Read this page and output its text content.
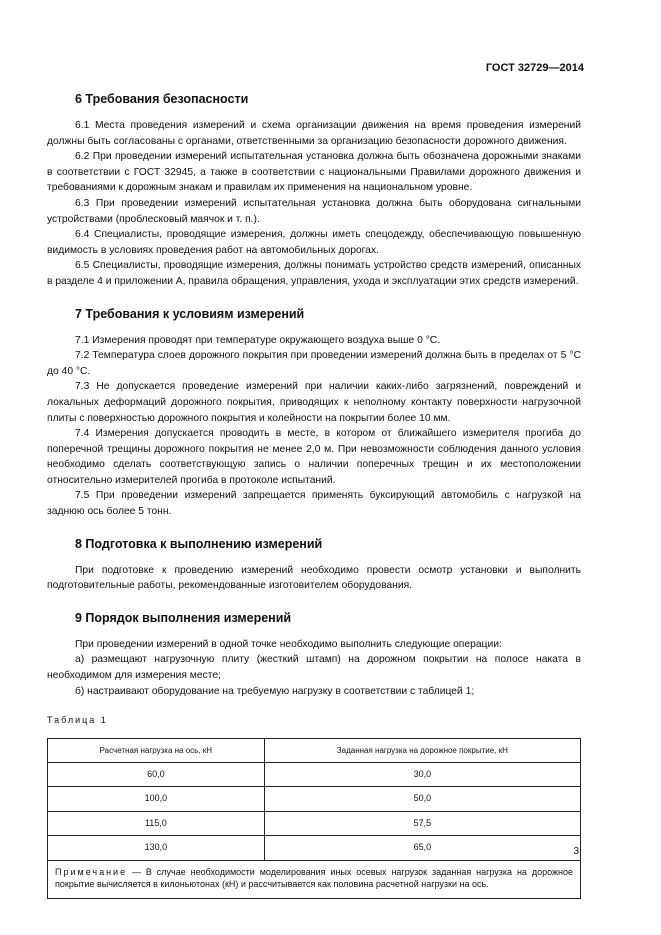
ГОСТ 32729—2014
6 Требования безопасности

6.1 Места проведения измерений и схема организации движения на время проведения измерений должны быть согласованы с органами, ответственными за организацию безопасности дорожного движения.

6.2 При проведении измерений испытательная установка должна быть обозначена дорожными знаками в соответствии с ГОСТ 32945, а также в соответствии с национальными Правилами дорожного движения и требованиями к дорожным знакам и правилам их применения на национальном уровне.

6.3 При проведении измерений испытательная установка должна быть оборудована сигнальными устройствами (проблесковый маячок и т. п.).

6.4 Специалисты, проводящие измерения, должны иметь спецодежду, обеспечивающую повышенную видимость в условиях проведения работ на автомобильных дорогах.

6.5 Специалисты, проводящие измерения, должны понимать устройство средств измерений, описанных в разделе 4 и приложении А, правила обращения, управления, ухода и эксплуатации этих средств измерений.

7 Требования к условиям измерений

7.1 Измерения проводят при температуре окружающего воздуха выше 0 °С.

7.2 Температура слоев дорожного покрытия при проведении измерений должна быть в пределах от 5 °С до 40 °С.

7.3 Не допускается проведение измерений при наличии каких-либо загрязнений, повреждений и локальных деформаций дорожного покрытия, приводящих к неполному контакту поверхности нагрузочной плиты с поверхностью дорожного покрытия и колейности на покрытии более 10 мм.

7.4 Измерения допускается проводить в месте, в котором от ближайшего измерителя прогиба до поперечной трещины дорожного покрытия не менее 2,0 м. При невозможности соблюдения данного условия необходимо сделать соответствующую запись о наличии поперечных трещин и их местоположении относительно измерителей прогиба в протоколе испытаний.

7.5 При проведении измерений запрещается применять буксирующий автомобиль с нагрузкой на заднюю ось более 5 тонн.

8 Подготовка к выполнению измерений

При подготовке к проведению измерений необходимо провести осмотр установки и выполнить подготовительные работы, рекомендованные изготовителем оборудования.

9 Порядок выполнения измерений

При проведении измерений в одной точке необходимо выполнить следующие операции:

а) размещают нагрузочную плиту (жесткий штамп) на дорожном покрытии на полосе наката в необходимом для измерения месте;

б) настраивают оборудование на требуемую нагрузку в соответствии с таблицей 1;

Таблица 1
Расчетная нагрузка на ось, кН	Заданная нагрузка на дорожное покрытие, кН
60,0	30,0
100,0	50,0
115,0	57,5
130,0	65,0
Примечание — В случае необходимости моделирования иных осевых нагрузок заданная нагрузка на дорожное покрытие вычисляется в килоньютонах (кН) и рассчитывается как половина расчетной нагрузки на ось.	
3
